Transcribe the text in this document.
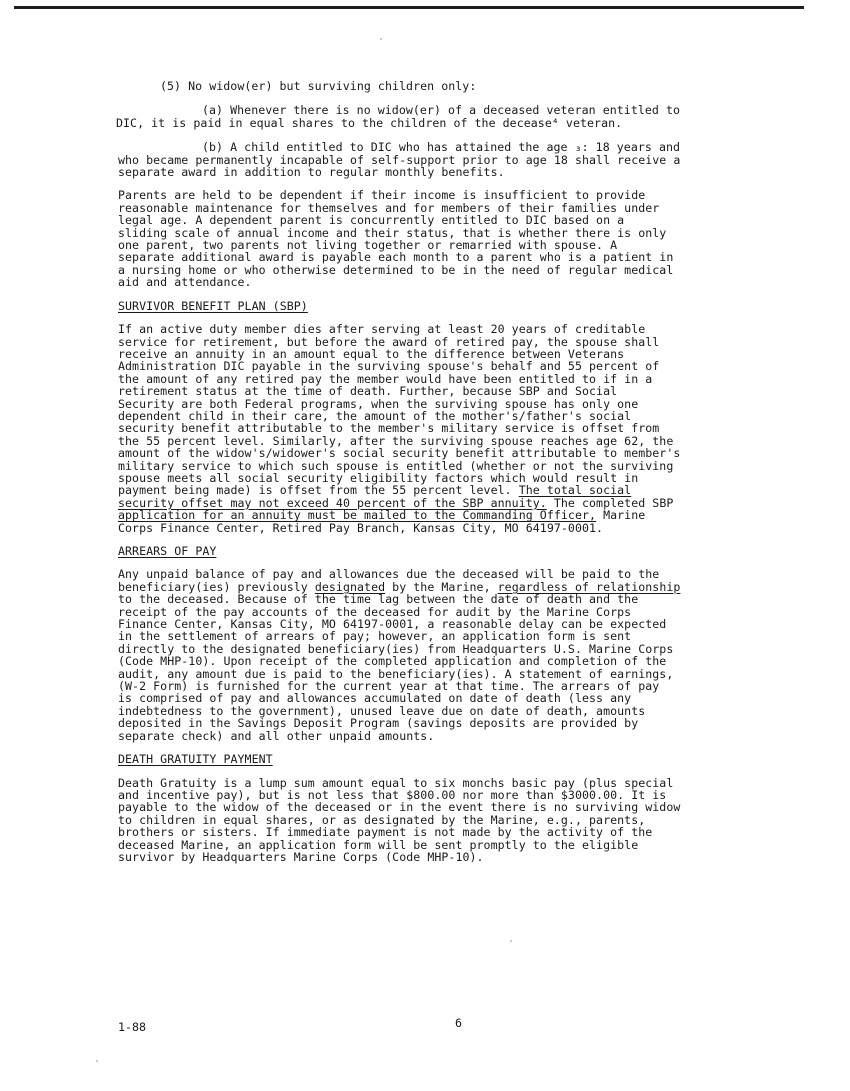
(5) No widow(er) but surviving children only:
(a) Whenever there is no widow(er) of a deceased veteran entitled to
DIC, it is paid in equal shares to the children of the decease⁴ veteran.
(b) A child entitled to DIC who has attained the age ₃: 18 years and
who became permanently incapable of self-support prior to age 18 shall receive a
separate award in addition to regular monthly benefits.
Parents are held to be dependent if their income is insufficient to provide
reasonable maintenance for themselves and for members of their families under
legal age. A dependent parent is concurrently entitled to DIC based on a
sliding scale of annual income and their status, that is whether there is only
one parent, two parents not living together or remarried with spouse. A
separate additional award is payable each month to a parent who is a patient in
a nursing home or who otherwise determined to be in the need of regular medical
aid and attendance.
SURVIVOR BENEFIT PLAN (SBP)
If an active duty member dies after serving at least 20 years of creditable
service for retirement, but before the award of retired pay, the spouse shall
receive an annuity in an amount equal to the difference between Veterans
Administration DIC payable in the surviving spouse's behalf and 55 percent of
the amount of any retired pay the member would have been entitled to if in a
retirement status at the time of death. Further, because SBP and Social
Security are both Federal programs, when the surviving spouse has only one
dependent child in their care, the amount of the mother's/father's social
security benefit attributable to the member's military service is offset from
the 55 percent level. Similarly, after the surviving spouse reaches age 62, the
amount of the widow's/widower's social security benefit attributable to member's
military service to which such spouse is entitled (whether or not the surviving
spouse meets all social security eligibility factors which would result in
payment being made) is offset from the 55 percent level. The total social
security offset may not exceed 40 percent of the SBP annuity. The completed SBP
application for an annuity must be mailed to the Commanding Officer, Marine
Corps Finance Center, Retired Pay Branch, Kansas City, MO 64197-0001.
ARREARS OF PAY
Any unpaid balance of pay and allowances due the deceased will be paid to the
beneficiary(ies) previously designated by the Marine, regardless of relationship
to the deceased. Because of the time lag between the date of death and the
receipt of the pay accounts of the deceased for audit by the Marine Corps
Finance Center, Kansas City, MO 64197-0001, a reasonable delay can be expected
in the settlement of arrears of pay; however, an application form is sent
directly to the designated beneficiary(ies) from Headquarters U.S. Marine Corps
(Code MHP-10). Upon receipt of the completed application and completion of the
audit, any amount due is paid to the beneficiary(ies). A statement of earnings,
(W-2 Form) is furnished for the current year at that time. The arrears of pay
is comprised of pay and allowances accumulated on date of death (less any
indebtedness to the government), unused leave due on date of death, amounts
deposited in the Savings Deposit Program (savings deposits are provided by
separate check) and all other unpaid amounts.
DEATH GRATUITY PAYMENT
Death Gratuity is a lump sum amount equal to six monchs basic pay (plus special
and incentive pay), but is not less that $800.00 nor more than $3000.00. It is
payable to the widow of the deceased or in the event there is no surviving widow
to children in equal shares, or as designated by the Marine, e.g., parents,
brothers or sisters. If immediate payment is not made by the activity of the
deceased Marine, an application form will be sent promptly to the eligible
survivor by Headquarters Marine Corps (Code MHP-10).
1-88	6
